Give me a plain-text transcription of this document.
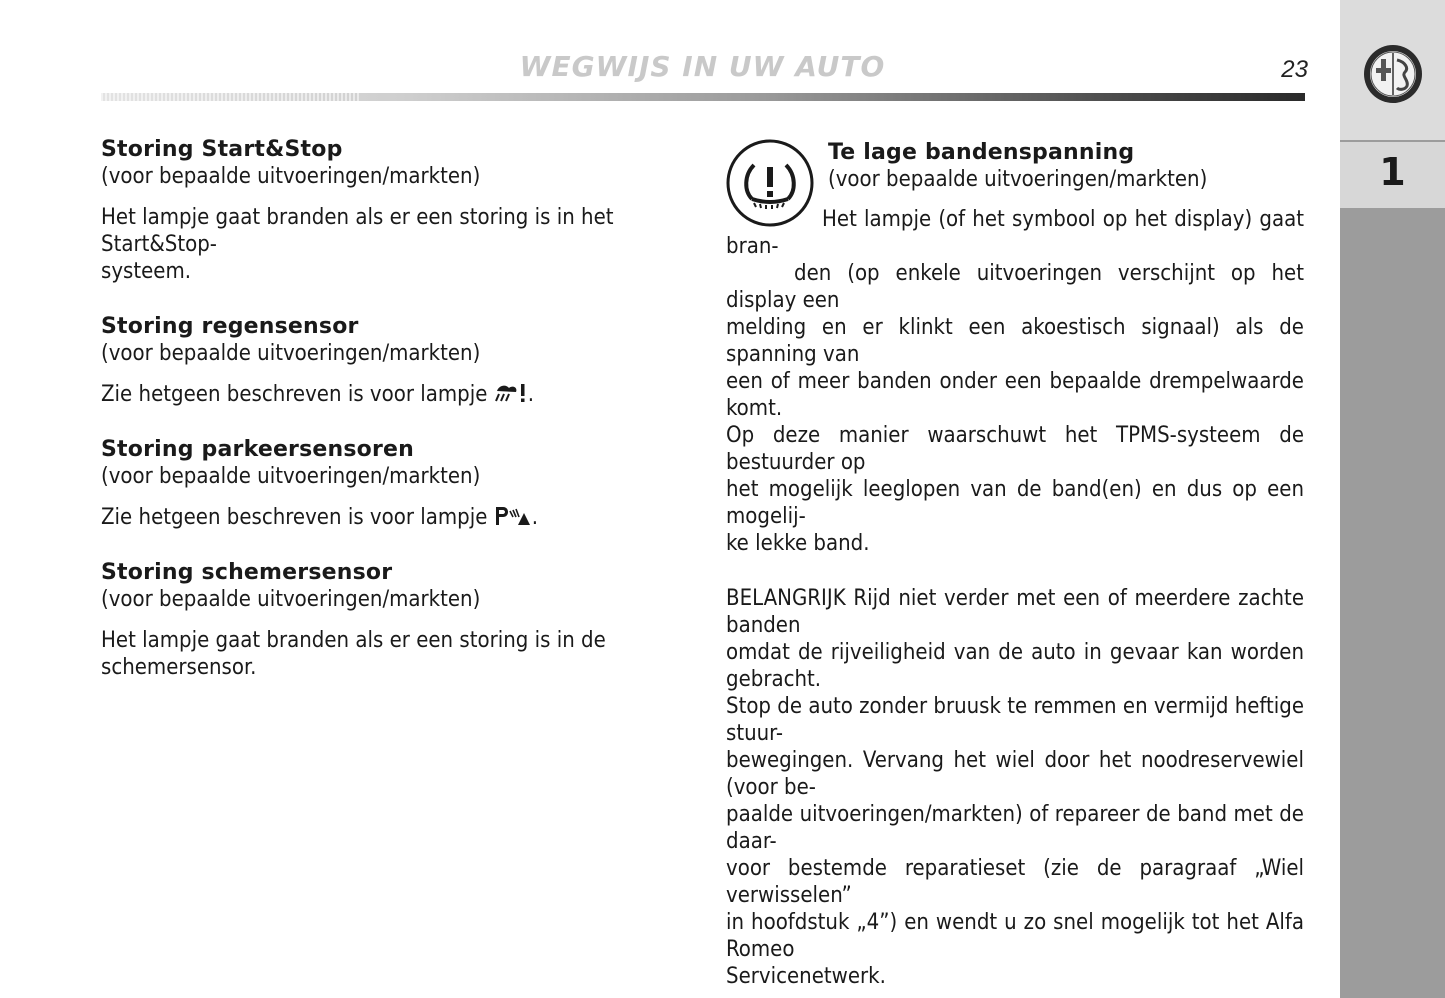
1
WEGWIJS IN UW AUTO	23

Storing Start&Stop

(voor bepaalde uitvoeringen/markten)

Het lampje gaat branden als er een storing is in het Start&Stop-
systeem.

Storing regensensor

(voor bepaalde uitvoeringen/markten)

Zie hetgeen beschreven is voor lampje .

Storing parkeersensoren

(voor bepaalde uitvoeringen/markten)

Zie hetgeen beschreven is voor lampje .

Storing schemersensor

(voor bepaalde uitvoeringen/markten)

Het lampje gaat branden als er een storing is in de schemersensor.

Te lage bandenspanning

(voor bepaalde uitvoeringen/markten)

Het lampje (of het symbool op het display) gaat bran-
den (op enkele uitvoeringen verschijnt op het display een
melding en er klinkt een akoestisch signaal) als de spanning van
een of meer banden onder een bepaalde drempelwaarde komt.
Op deze manier waarschuwt het TPMS-systeem de bestuurder op
het mogelijk leeglopen van de band(en) en dus op een mogelij-
ke lekke band.

BELANGRIJK Rijd niet verder met een of meerdere zachte banden
omdat de rijveiligheid van de auto in gevaar kan worden gebracht.
Stop de auto zonder bruusk te remmen en vermijd heftige stuur-
bewegingen. Vervang het wiel door het noodreservewiel (voor be-
paalde uitvoeringen/markten) of repareer de band met de daar-
voor bestemde reparatieset (zie de paragraaf „Wiel verwisselen”
in hoofdstuk „4”) en wendt u zo snel mogelijk tot het Alfa Romeo
Servicenetwerk.
